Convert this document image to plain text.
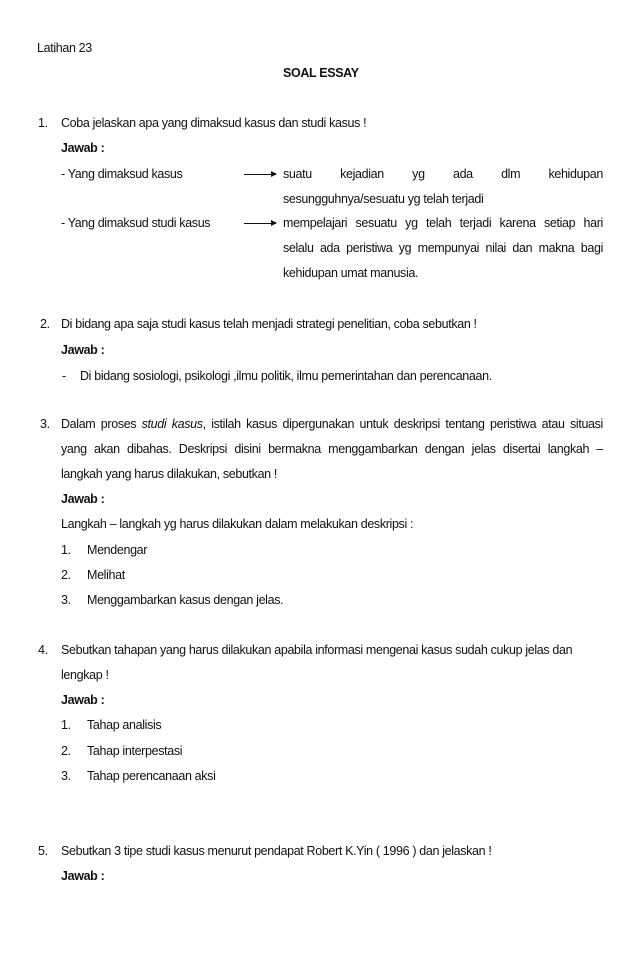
Latihan 23
SOAL ESSAY
1. Coba jelaskan apa yang dimaksud kasus dan studi kasus !
Jawab :
- Yang dimaksud kasus	suatu kejadian yg ada dlm kehidupan
sesungguhnya/sesuatu yg telah terjadi
- Yang dimaksud studi kasus	mempelajari sesuatu yg telah terjadi karena setiap hari
selalu ada peristiwa yg mempunyai nilai dan makna bagi
kehidupan umat manusia.
2. Di bidang apa saja studi kasus telah menjadi strategi penelitian, coba sebutkan !
Jawab :
- Di bidang sosiologi, psikologi ,ilmu politik, ilmu pemerintahan dan perencanaan.
3. Dalam proses studi kasus, istilah kasus dipergunakan untuk deskripsi tentang peristiwa atau situasi
yang akan dibahas. Deskripsi disini bermakna menggambarkan dengan jelas disertai langkah –
langkah yang harus dilakukan, sebutkan !
Jawab :
Langkah – langkah yg harus dilakukan dalam melakukan deskripsi :
1. Mendengar
2. Melihat
3. Menggambarkan kasus dengan jelas.
4. Sebutkan tahapan yang harus dilakukan apabila informasi mengenai kasus sudah cukup jelas dan
lengkap !
Jawab :
1. Tahap analisis
2. Tahap interpestasi
3. Tahap perencanaan aksi
5. Sebutkan 3 tipe studi kasus menurut pendapat Robert K.Yin ( 1996 ) dan jelaskan !
Jawab :
